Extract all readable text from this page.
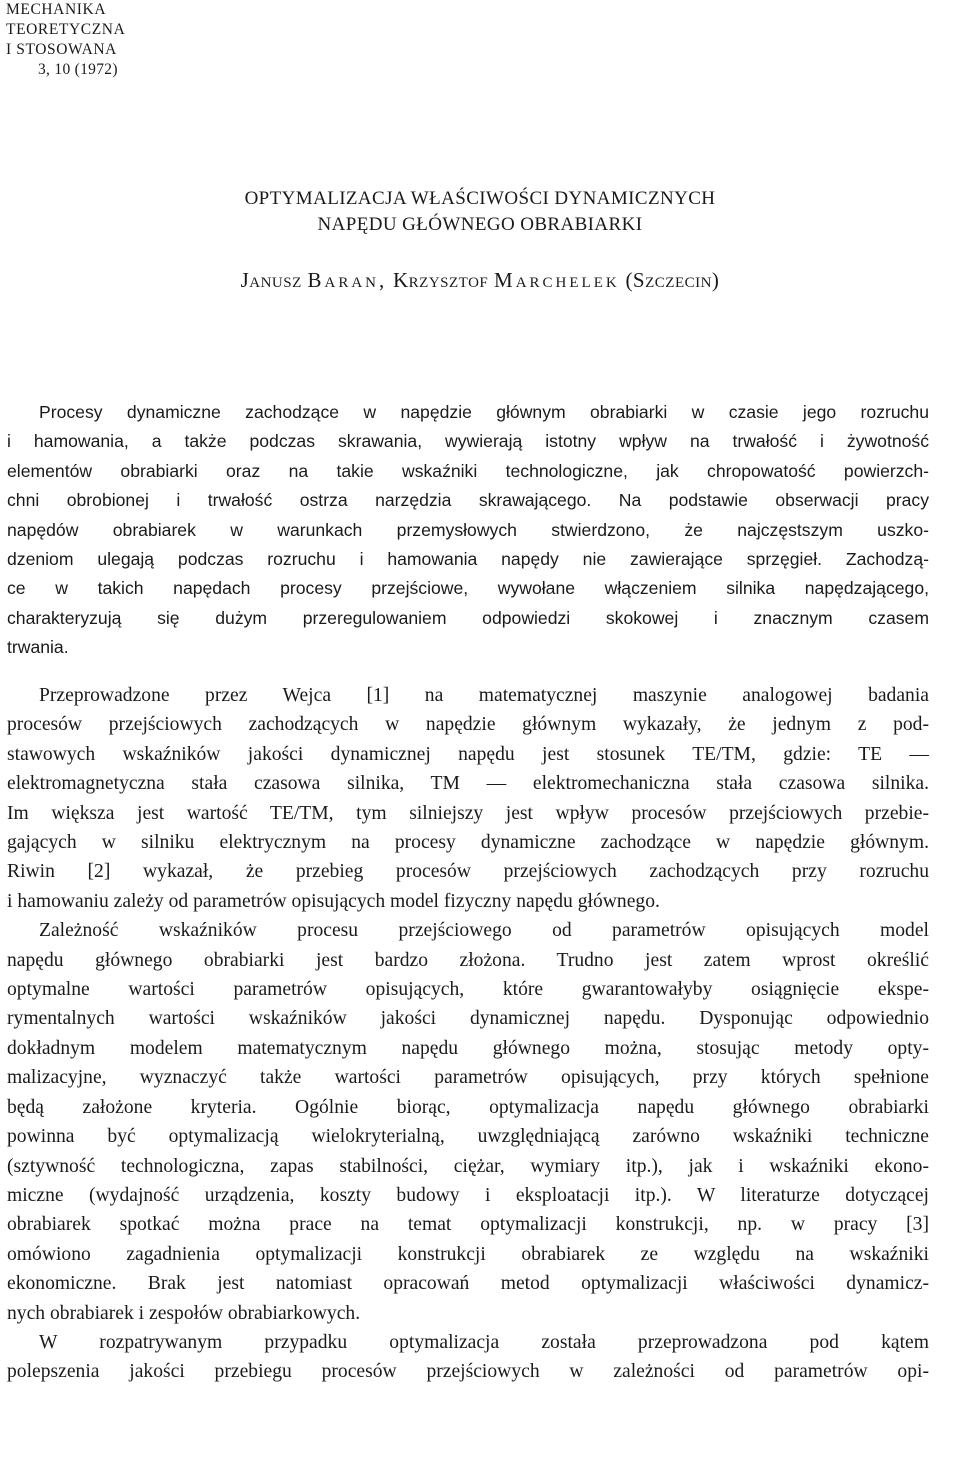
MECHANIKA
TEORETYCZNA
I STOSOWANA
3, 10 (1972)
OPTYMALIZACJA WŁAŚCIWOŚCI DYNAMICZNYCH
NAPĘDU GŁÓWNEGO OBRABIARKI
Janusz Baran, Krzysztof Marchelek (Szczecin)
Procesy dynamiczne zachodzące w napędzie głównym obrabiarki w czasie jego rozruchu
i hamowania, a także podczas skrawania, wywierają istotny wpływ na trwałość i żywotność
elementów obrabiarki oraz na takie wskaźniki technologiczne, jak chropowatość powierzch-
chni obrobionej i trwałość ostrza narzędzia skrawającego. Na podstawie obserwacji pracy
napędów obrabiarek w warunkach przemysłowych stwierdzono, że najczęstszym uszko-
dzeniom ulegają podczas rozruchu i hamowania napędy nie zawierające sprzęgieł. Zachodzą-
ce w takich napędach procesy przejściowe, wywołane włączeniem silnika napędzającego,
charakteryzują się dużym przeregulowaniem odpowiedzi skokowej i znacznym czasem
trwania.
Przeprowadzone przez Wejca [1] na matematycznej maszynie analogowej badania
procesów przejściowych zachodzących w napędzie głównym wykazały, że jednym z pod-
stawowych wskaźników jakości dynamicznej napędu jest stosunek TE/TM, gdzie: TE —
elektromagnetyczna stała czasowa silnika, TM — elektromechaniczna stała czasowa silnika.
Im większa jest wartość TE/TM, tym silniejszy jest wpływ procesów przejściowych przebie-
gających w silniku elektrycznym na procesy dynamiczne zachodzące w napędzie głównym.
Riwin [2] wykazał, że przebieg procesów przejściowych zachodzących przy rozruchu
i hamowaniu zależy od parametrów opisujących model fizyczny napędu głównego.
Zależność wskaźników procesu przejściowego od parametrów opisujących model
napędu głównego obrabiarki jest bardzo złożona. Trudno jest zatem wprost określić
optymalne wartości parametrów opisujących, które gwarantowałyby osiągnięcie ekspe-
rymentalnych wartości wskaźników jakości dynamicznej napędu. Dysponując odpowiednio
dokładnym modelem matematycznym napędu głównego można, stosując metody opty-
malizacyjne, wyznaczyć także wartości parametrów opisujących, przy których spełnione
będą założone kryteria. Ogólnie biorąc, optymalizacja napędu głównego obrabiarki
powinna być optymalizacją wielokryterialną, uwzględniającą zarówno wskaźniki techniczne
(sztywność technologiczna, zapas stabilności, ciężar, wymiary itp.), jak i wskaźniki ekono-
miczne (wydajność urządzenia, koszty budowy i eksploatacji itp.). W literaturze dotyczącej
obrabiarek spotkać można prace na temat optymalizacji konstrukcji, np. w pracy [3]
omówiono zagadnienia optymalizacji konstrukcji obrabiarek ze względu na wskaźniki
ekonomiczne. Brak jest natomiast opracowań metod optymalizacji właściwości dynamicz-
nych obrabiarek i zespołów obrabiarkowych.
W rozpatrywanym przypadku optymalizacja została przeprowadzona pod kątem
polepszenia jakości przebiegu procesów przejściowych w zależności od parametrów opi-
